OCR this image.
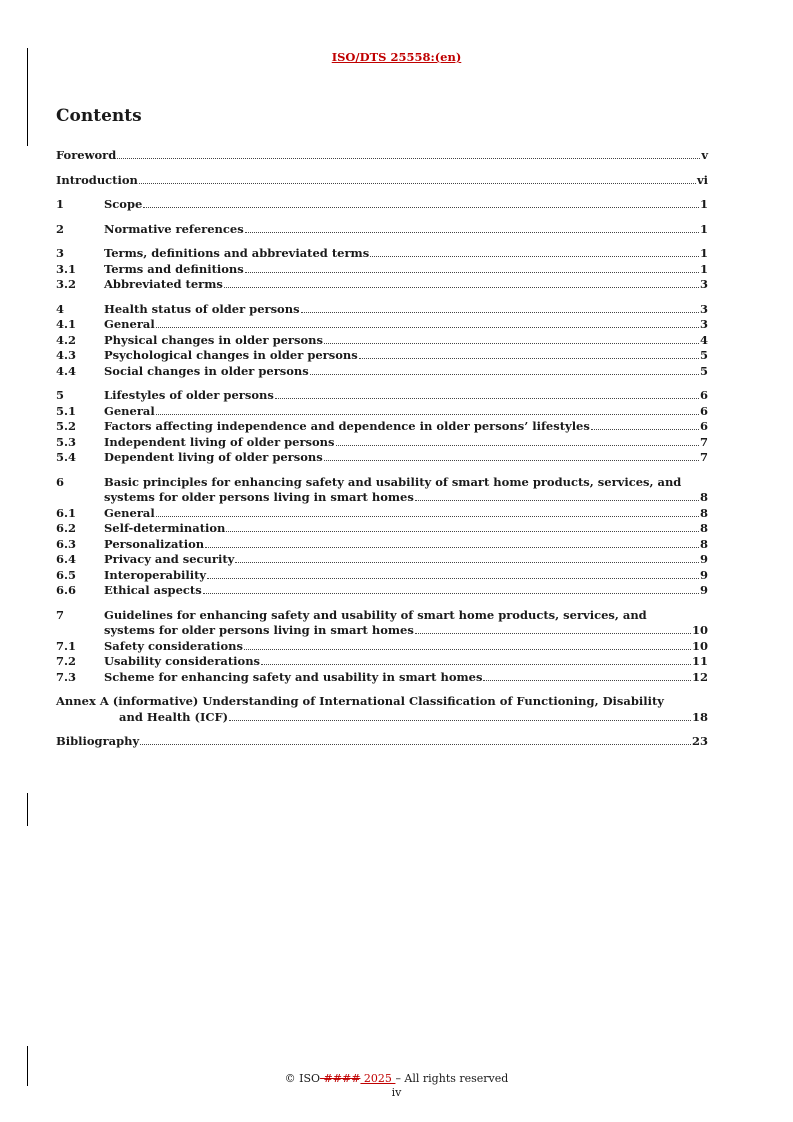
ISO/DTS 25558:(en)
Contents
Foreword	v
Introduction	vi
1	Scope	1
2	Normative references	1
3	Terms, definitions and abbreviated terms	1
3.1	Terms and definitions	1
3.2	Abbreviated terms	3
4	Health status of older persons	3
4.1	General	3
4.2	Physical changes in older persons	4
4.3	Psychological changes in older persons	5
4.4	Social changes in older persons	5
5	Lifestyles of older persons	6
5.1	General	6
5.2	Factors affecting independence and dependence in older persons’ lifestyles	6
5.3	Independent living of older persons	7
5.4	Dependent living of older persons	7
6	Basic principles for enhancing safety and usability of smart home products, services, and
systems for older persons living in smart homes	8
6.1	General	8
6.2	Self-determination	8
6.3	Personalization	8
6.4	Privacy and security	9
6.5	Interoperability	9
6.6	Ethical aspects	9
7	Guidelines for enhancing safety and usability of smart home products, services, and
systems for older persons living in smart homes	10
7.1	Safety considerations	10
7.2	Usability considerations	11
7.3	Scheme for enhancing safety and usability in smart homes	12
Annex A (informative) Understanding of International Classification of Functioning, Disability
and Health (ICF)	18
Bibliography	23
© ISO #### 2025 – All rights reserved
iv
